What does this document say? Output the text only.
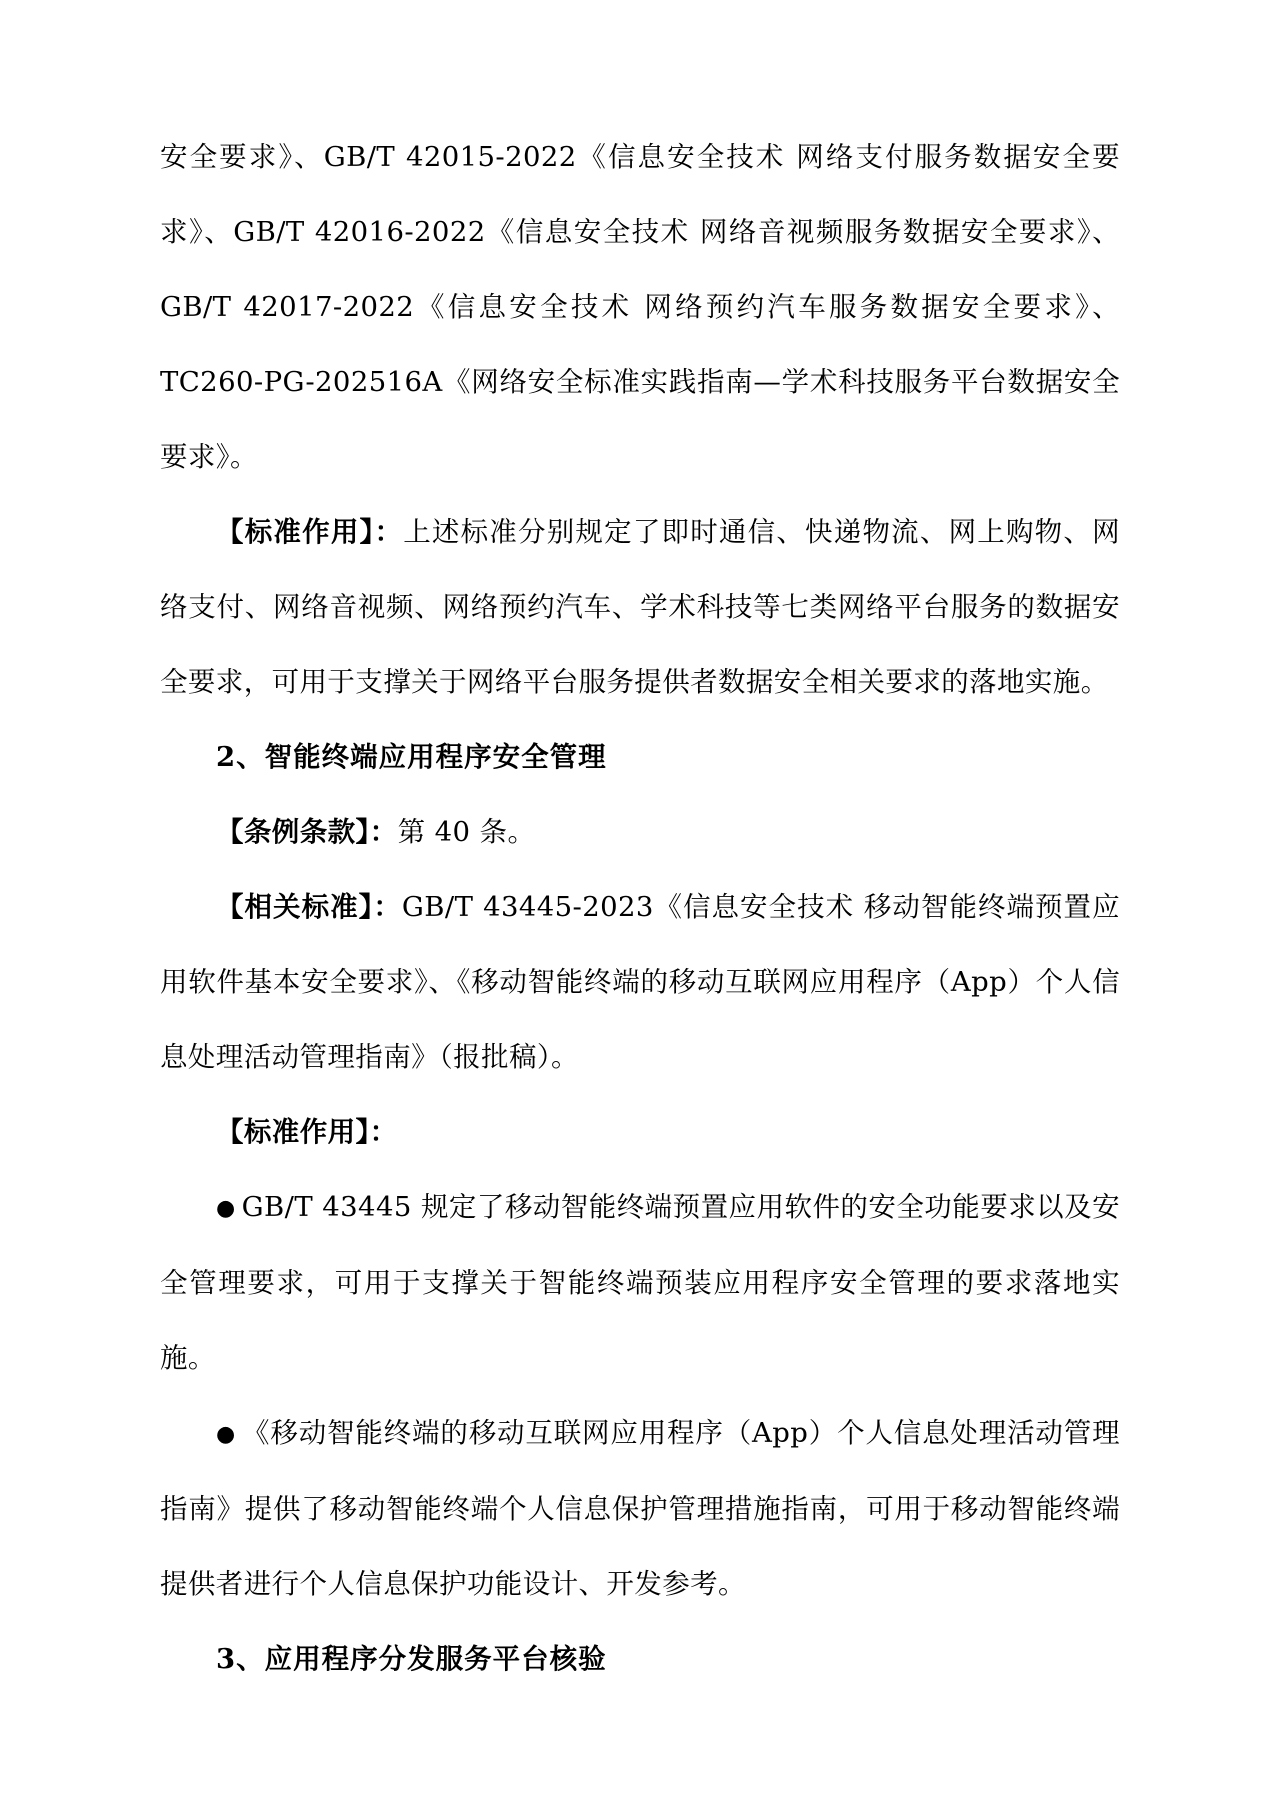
安全要求》、GB/T 42015-2022《信息安全技术 网络支付服务数据安全要求》、GB/T 42016-2022《信息安全技术 网络音视频服务数据安全要求》、GB/T 42017-2022《信息安全技术 网络预约汽车服务数据安全要求》、TC260-PG-202516A《网络安全标准实践指南—学术科技服务平台数据安全要求》。

【标准作用】：上述标准分别规定了即时通信、快递物流、网上购物、网络支付、网络音视频、网络预约汽车、学术科技等七类网络平台服务的数据安全要求，可用于支撑关于网络平台服务提供者数据安全相关要求的落地实施。

2、智能终端应用程序安全管理

【条例条款】：第 40 条。

【相关标准】：GB/T 43445-2023《信息安全技术 移动智能终端预置应用软件基本安全要求》、《移动智能终端的移动互联网应用程序（App）个人信息处理活动管理指南》（报批稿）。

【标准作用】：

● GB/T 43445 规定了移动智能终端预置应用软件的安全功能要求以及安全管理要求，可用于支撑关于智能终端预装应用程序安全管理的要求落地实施。

● 《移动智能终端的移动互联网应用程序（App）个人信息处理活动管理指南》提供了移动智能终端个人信息保护管理措施指南，可用于移动智能终端提供者进行个人信息保护功能设计、开发参考。

3、应用程序分发服务平台核验
